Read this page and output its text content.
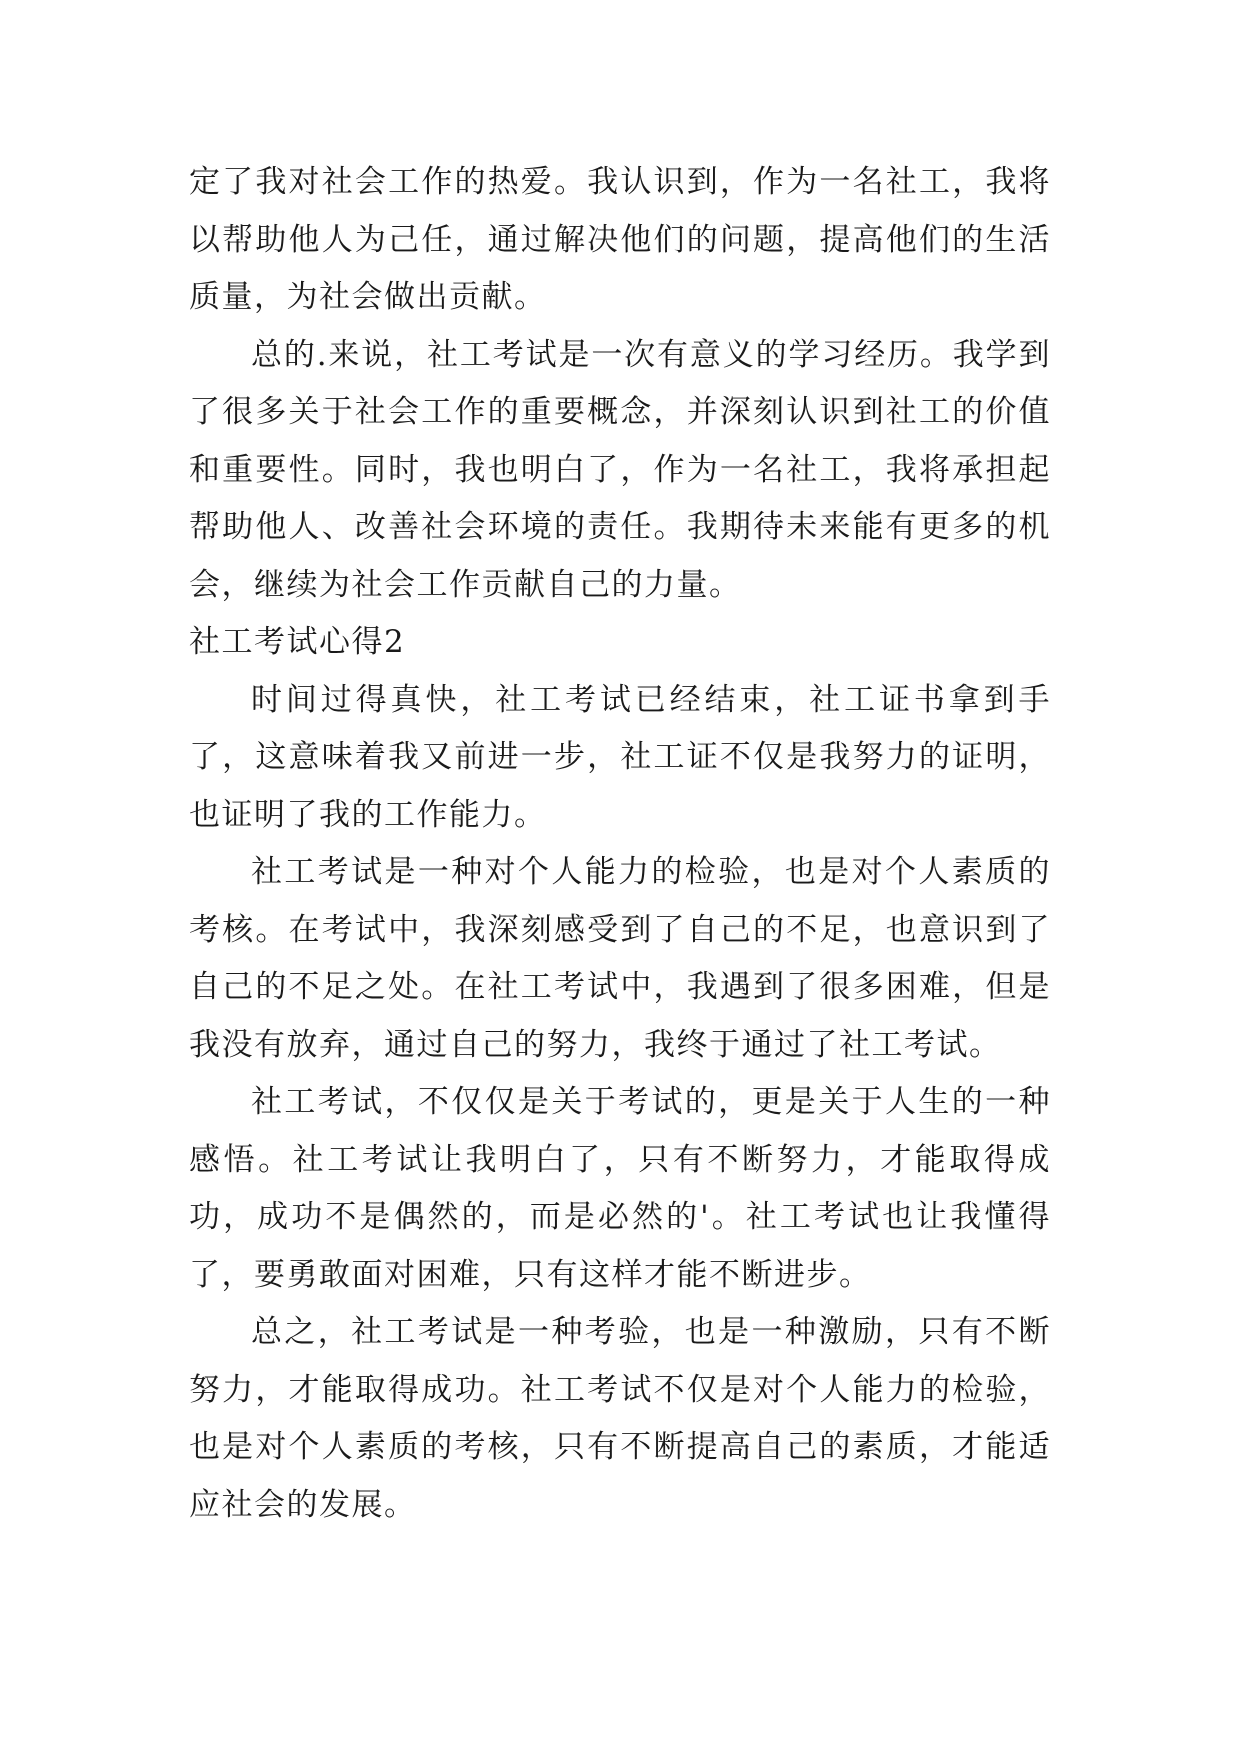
定了我对社会工作的热爱。我认识到，作为一名社工，我将以帮助他人为己任，通过解决他们的问题，提高他们的生活质量，为社会做出贡献。

总的.来说，社工考试是一次有意义的学习经历。我学到了很多关于社会工作的重要概念，并深刻认识到社工的价值和重要性。同时，我也明白了，作为一名社工，我将承担起帮助他人、改善社会环境的责任。我期待未来能有更多的机会，继续为社会工作贡献自己的力量。

社工考试心得2

时间过得真快，社工考试已经结束，社工证书拿到手了，这意味着我又前进一步，社工证不仅是我努力的证明，也证明了我的工作能力。

社工考试是一种对个人能力的检验，也是对个人素质的考核。在考试中，我深刻感受到了自己的不足，也意识到了自己的不足之处。在社工考试中，我遇到了很多困难，但是我没有放弃，通过自己的努力，我终于通过了社工考试。

社工考试，不仅仅是关于考试的，更是关于人生的一种感悟。社工考试让我明白了，只有不断努力，才能取得成功，成功不是偶然的，而是必然的'。社工考试也让我懂得了，要勇敢面对困难，只有这样才能不断进步。

总之，社工考试是一种考验，也是一种激励，只有不断努力，才能取得成功。社工考试不仅是对个人能力的检验，也是对个人素质的考核，只有不断提高自己的素质，才能适应社会的发展。
